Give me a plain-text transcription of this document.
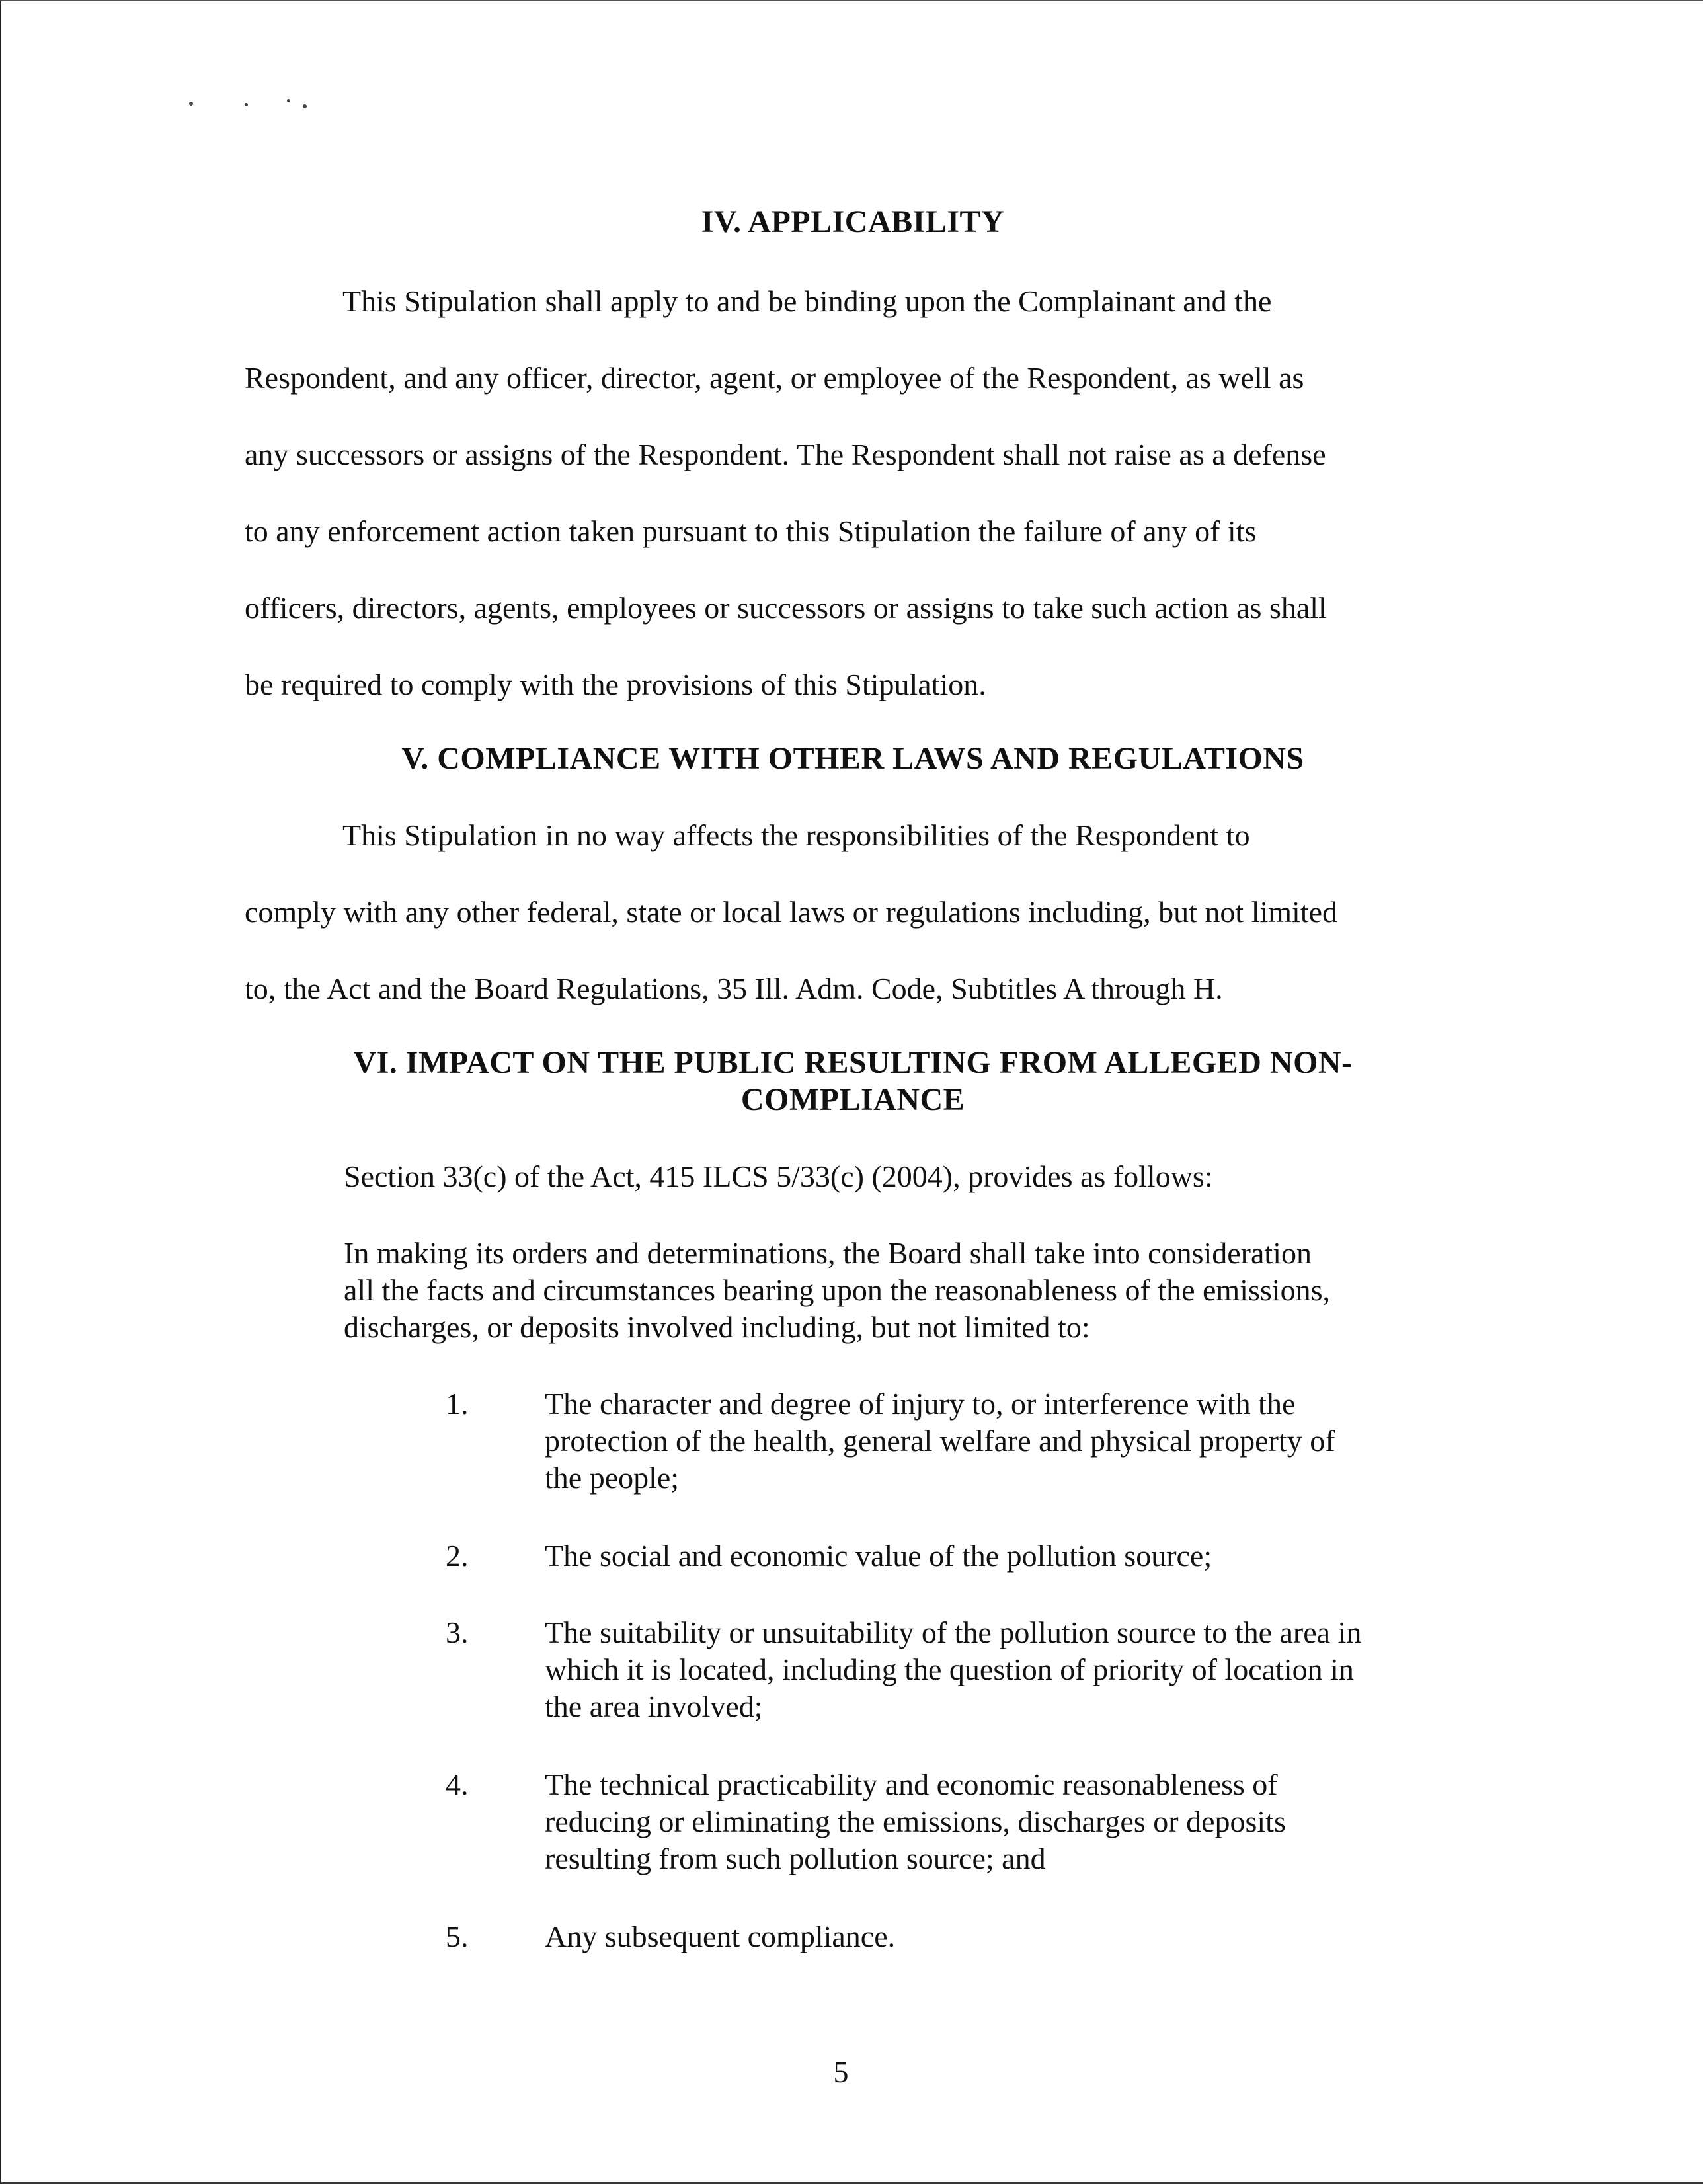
IV. APPLICABILITY
This Stipulation shall apply to and be binding upon the Complainant and the
Respondent, and any officer, director, agent, or employee of the Respondent, as well as
any successors or assigns of the Respondent. The Respondent shall not raise as a defense
to any enforcement action taken pursuant to this Stipulation the failure of any of its
officers, directors, agents, employees or successors or assigns to take such action as shall
be required to comply with the provisions of this Stipulation.
V. COMPLIANCE WITH OTHER LAWS AND REGULATIONS
This Stipulation in no way affects the responsibilities of the Respondent to
comply with any other federal, state or local laws or regulations including, but not limited
to, the Act and the Board Regulations, 35 Ill. Adm. Code, Subtitles A through H.
VI. IMPACT ON THE PUBLIC RESULTING FROM ALLEGED NON-
COMPLIANCE
Section 33(c) of the Act, 415 ILCS 5/33(c) (2004), provides as follows:
In making its orders and determinations, the Board shall take into consideration
all the facts and circumstances bearing upon the reasonableness of the emissions,
discharges, or deposits involved including, but not limited to:
1.	The character and degree of injury to, or interference with the
protection of the health, general welfare and physical property of
the people;
2.	The social and economic value of the pollution source;
3.	The suitability or unsuitability of the pollution source to the area in
which it is located, including the question of priority of location in
the area involved;
4.	The technical practicability and economic reasonableness of
reducing or eliminating the emissions, discharges or deposits
resulting from such pollution source; and
5.	Any subsequent compliance.
5
